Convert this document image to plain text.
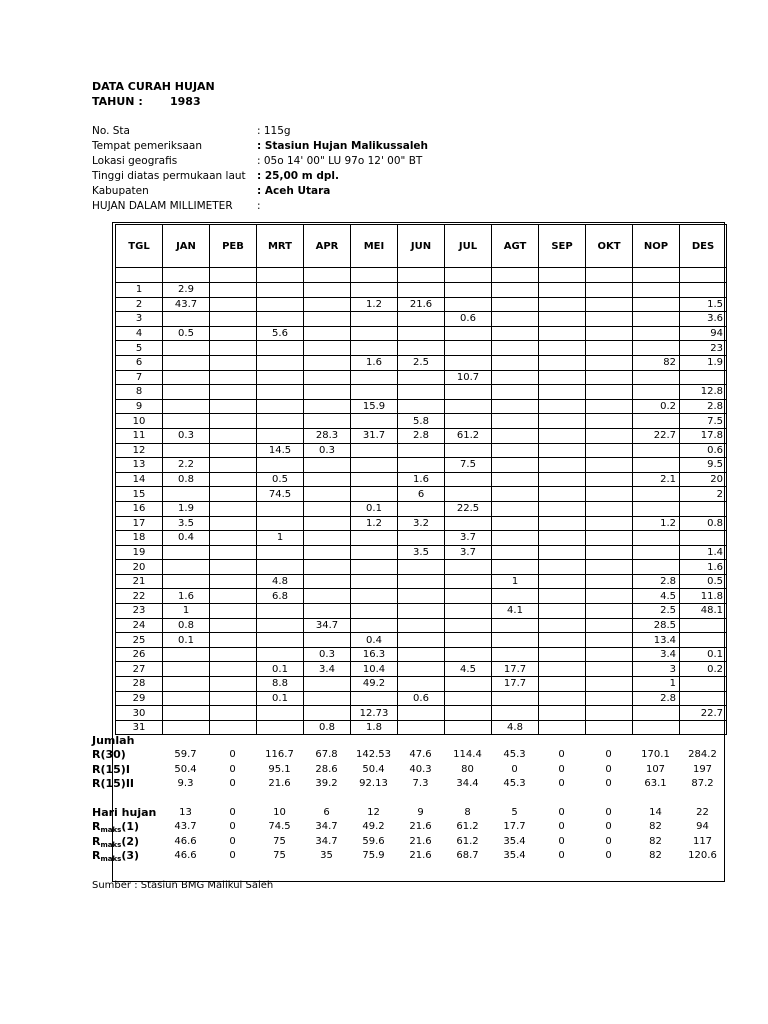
DATA CURAH HUJAN
TAHUN : 1983
No. Sta	: 115g
Tempat pemeriksaan	: Stasiun Hujan Malikussaleh
Lokasi geografis	: 05o 14' 00" LU 97o 12' 00" BT
Tinggi diatas permukaan laut : 25,00 m dpl.
Kabupaten	: Aceh Utara
HUJAN DALAM MILLIMETER :
TGL	JAN	PEB	MRT	APR	MEI	JUN	JUL	AGT	SEP	OKT	NOP	DES

1	2.9											
2	43.7				1.2	21.6						1.5
3							0.6					3.6
4	0.5		5.6									94
5												23
6					1.6	2.5					82	1.9
7							10.7					
8												12.8
9					15.9						0.2	2.8
10						5.8						7.5
11	0.3			28.3	31.7	2.8	61.2				22.7	17.8
12			14.5	0.3								0.6
13	2.2						7.5					9.5
14	0.8		0.5			1.6					2.1	20
15			74.5			6						2
16	1.9				0.1		22.5					
17	3.5				1.2	3.2					1.2	0.8
18	0.4		1				3.7					
19						3.5	3.7					1.4
20												1.6
21			4.8					1			2.8	0.5
22	1.6		6.8								4.5	11.8
23	1							4.1			2.5	48.1
24	0.8			34.7							28.5	
25	0.1				0.4						13.4	
26				0.3	16.3						3.4	0.1
27			0.1	3.4	10.4		4.5	17.7			3	0.2
28			8.8		49.2			17.7			1	
29			0.1			0.6					2.8	
30					12.73							22.7
31				0.8	1.8			4.8				
Jumlah
R(30)	59.7	0	116.7	67.8	142.53	47.6	114.4	45.3	0	0	170.1	284.2
R(15)I	50.4	0	95.1	28.6	50.4	40.3	80	0	0	0	107	197
R(15)II	9.3	0	21.6	39.2	92.13	7.3	34.4	45.3	0	0	63.1	87.2
Hari hujan 13	0	10	6	12	9	8	5	0	0	14	22
$R_{maks}(1)$	43.7	0	74.5	34.7	49.2	21.6	61.2	17.7	0	0	82	94
$R_{maks}(2)$	46.6	0	75	34.7	59.6	21.6	61.2	35.4	0	0	82	117
$R_{maks}(3)$	46.6	0	75	35	75.9	21.6	68.7	35.4	0	0	82	120.6
Sumber : Stasiun BMG Malikul Saleh
